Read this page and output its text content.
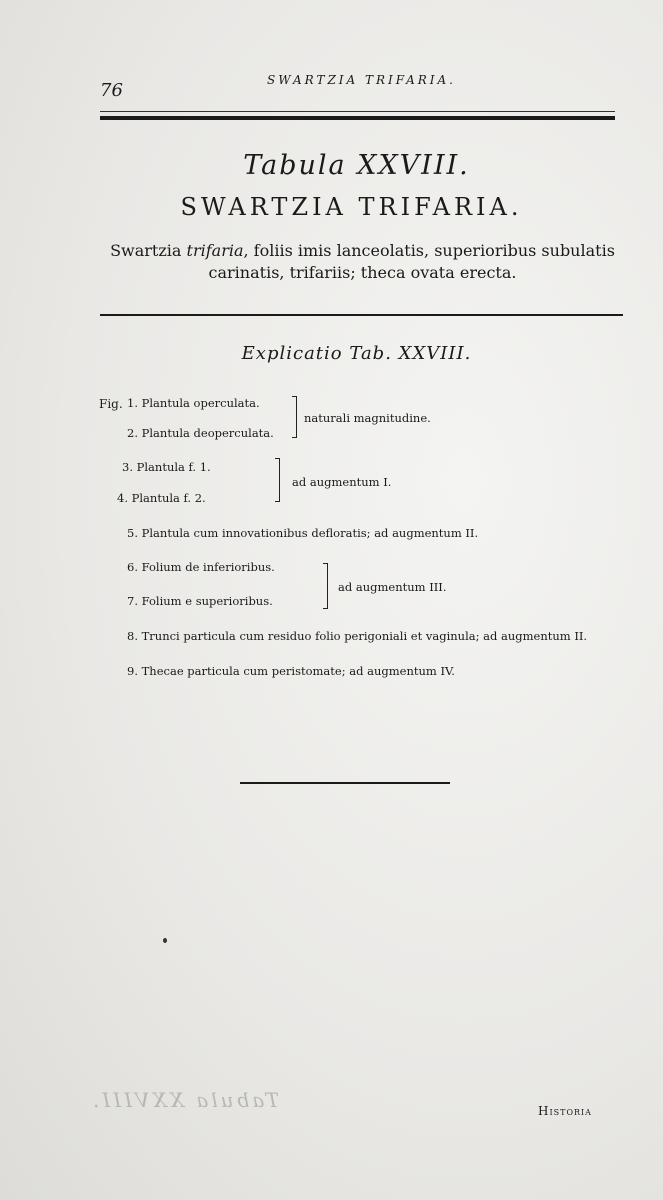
76	SWARTZIA TRIFARIA.
Tabula XXVIII.
SWARTZIA TRIFARIA.
Swartzia trifaria, foliis imis lanceolatis, superioribus subulatis
carinatis, trifariis; theca ovata erecta.
Explicatio Tab. XXVIII.
Fig. 1. Plantula operculata.
2. Plantula deoperculata.
naturali magnitudine.
3. Plantula f. 1.
4. Plantula f. 2.
ad augmentum I.
5. Plantula cum innovationibus defloratis; ad augmentum II.
6. Folium de inferioribus.
7. Folium e superioribus.
ad augmentum III.
8. Trunci particula cum residuo folio perigoniali et vaginula; ad augmentum II.
9. Thecae particula cum peristomate; ad augmentum IV.
Tabula XXVIII.	Historia
